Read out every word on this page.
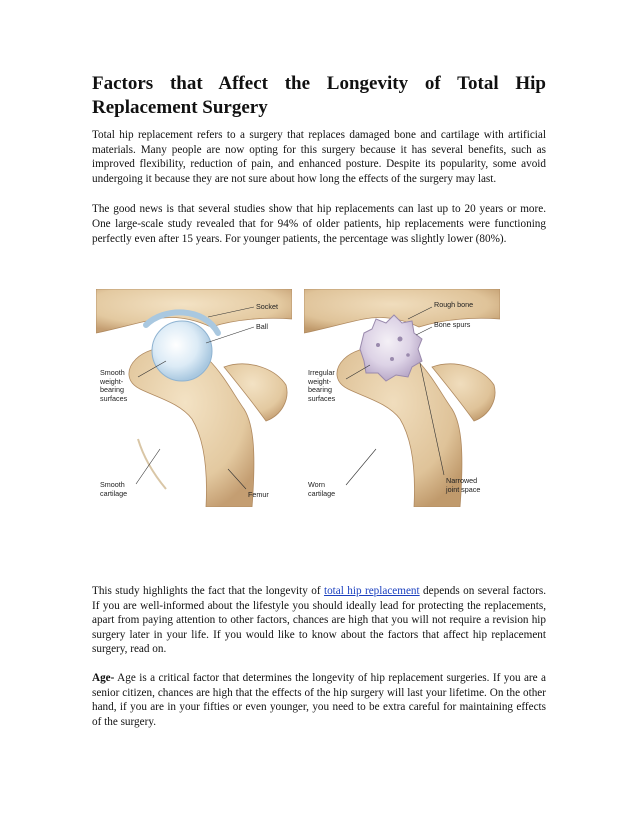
Factors that Affect the Longevity of Total Hip Replacement Surgery

Total hip replacement refers to a surgery that replaces damaged bone and cartilage with artificial materials. Many people are now opting for this surgery because it has several benefits, such as improved flexibility, reduction of pain, and enhanced posture. Despite its popularity, some avoid undergoing it because they are not sure about how long the effects of the surgery may last.

The good news is that several studies show that hip replacements can last up to 20 years or more. One large-scale study revealed that for 94% of older patients, hip replacements were functioning perfectly even after 15 years. For younger patients, the percentage was slightly lower (80%).

Socket
Ball
Smooth
weight-
bearing
surfaces
Smooth
cartilage	Femur
Rough bone
Bone spurs
Irregular
weight-
bearing
surfaces
Worn
cartilage
Narrowed
joint space

This study highlights the fact that the longevity of total hip replacement depends on several factors. If you are well-informed about the lifestyle you should ideally lead for protecting the replacements, apart from paying attention to other factors, chances are high that you will not require a revision hip surgery later in your life. If you would like to know about the factors that affect hip replacement surgery, read on.

Age- Age is a critical factor that determines the longevity of hip replacement surgeries. If you are a senior citizen, chances are high that the effects of the hip surgery will last your lifetime. On the other hand, if you are in your fifties or even younger, you need to be extra careful for maintaining effects of the surgery.
